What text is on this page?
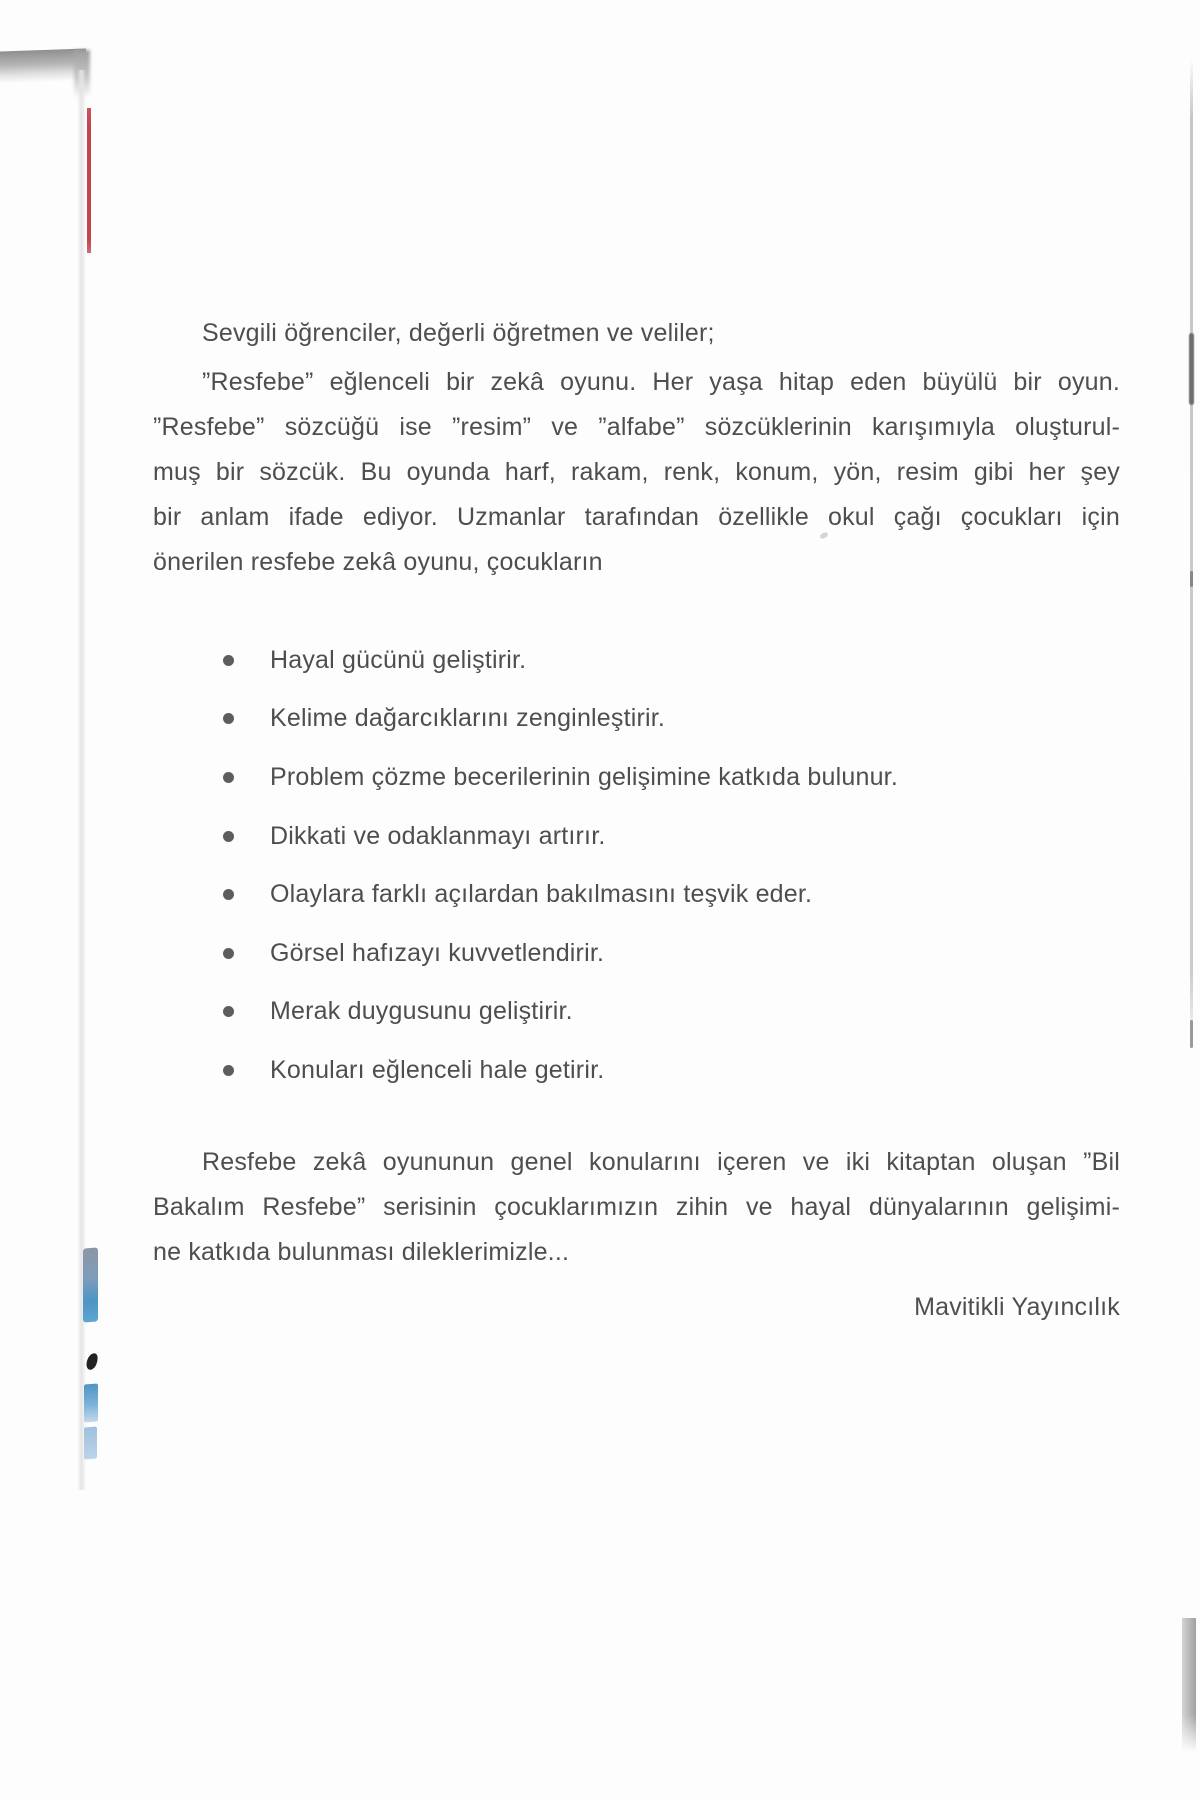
Sevgili öğrenciler, değerli öğretmen ve veliler;

”Resfebe” eğlenceli bir zekâ oyunu. Her yaşa hitap eden büyülü bir oyun.
”Resfebe” sözcüğü ise ”resim” ve ”alfabe” sözcüklerinin karışımıyla oluşturul-
muş bir sözcük. Bu oyunda harf, rakam, renk, konum, yön, resim gibi her şey
bir anlam ifade ediyor. Uzmanlar tarafından özellikle okul çağı çocukları için
önerilen resfebe zekâ oyunu, çocukların
Hayal gücünü geliştirir.
Kelime dağarcıklarını zenginleştirir.
Problem çözme becerilerinin gelişimine katkıda bulunur.
Dikkati ve odaklanmayı artırır.
Olaylara farklı açılardan bakılmasını teşvik eder.
Görsel hafızayı kuvvetlendirir.
Merak duygusunu geliştirir.
Konuları eğlenceli hale getirir.
Resfebe zekâ oyununun genel konularını içeren ve iki kitaptan oluşan ”Bil
Bakalım Resfebe” serisinin çocuklarımızın zihin ve hayal dünyalarının gelişimi-
ne katkıda bulunması dileklerimizle...
Mavitikli Yayıncılık
